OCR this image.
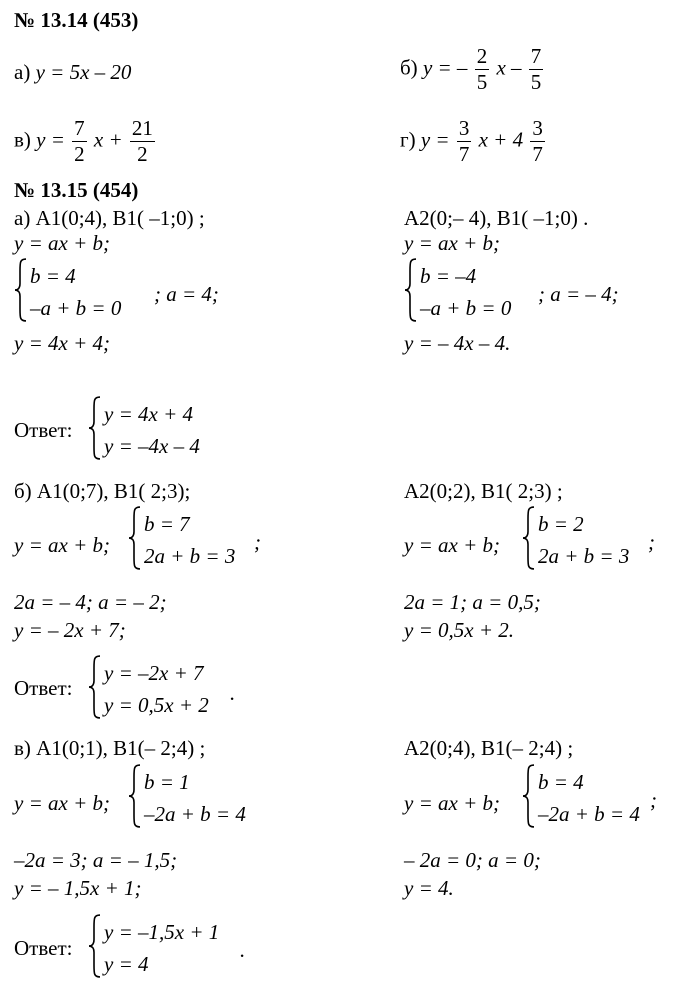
№ 13.14 (453)
а) y = 5x – 20	б) y = – $\frac{2}{5}$ x – $\frac{7}{5}$
в) $y = \frac{7}{2}$ $x + \frac{21}{2}$	г) $y = \frac{3}{7}$ $x + 4 \frac{3}{7}$
№ 13.15 (454)
а) A1(0;4), B1( –1;0) ;
y = ax + b;
b = 4
–a + b = 0
; a = 4;
y = 4x + 4;
A2(0;– 4), B1( –1;0) .
y = ax + b;
b = –4
–a + b = 0
; a = – 4;
y = – 4x – 4.
Ответ:
y = 4x + 4
y = –4x – 4
б) A1(0;7), B1( 2;3);
y = ax + b;
b = 7
2a + b = 3
;
2a = – 4; a = – 2;
y = – 2x + 7;
A2(0;2), B1( 2;3) ;
y = ax + b;
b = 2
2a + b = 3
;
2a = 1; a = 0,5;
y = 0,5x + 2.
Ответ:
y = –2x + 7
y = 0,5x + 2 .
в) A1(0;1), B1(– 2;4) ;
y = ax + b;
b = 1
–2a + b = 4
–2a = 3; a = – 1,5;
y = – 1,5x + 1;
A2(0;4), B1(– 2;4) ;
y = ax + b;
b = 4
–2a + b = 4
;
– 2a = 0; a = 0;
y = 4.
Ответ:
y = –1,5x + 1
y = 4
.
